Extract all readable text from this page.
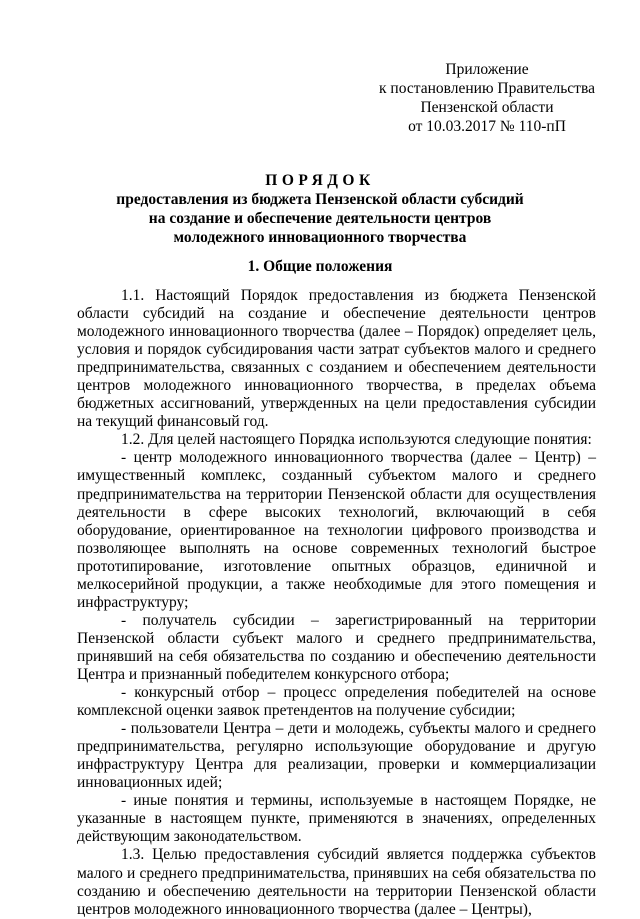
Приложение
к постановлению Правительства
Пензенской области
от 10.03.2017 № 110-пП
ПОРЯДОК
предоставления из бюджета Пензенской области субсидий
на создание и обеспечение деятельности центров
молодежного инновационного творчества
1. Общие положения

1.1. Настоящий Порядок предоставления из бюджета Пензенской области субсидий на создание и обеспечение деятельности центров молодежного инновационного творчества (далее – Порядок) определяет цель, условия и порядок субсидирования части затрат субъектов малого и среднего предпринимательства, связанных с созданием и обеспечением деятельности центров молодежного инновационного творчества, в пределах объема бюджетных ассигнований, утвержденных на цели предоставления субсидии на текущий финансовый год.

1.2. Для целей настоящего Порядка используются следующие понятия:

- центр молодежного инновационного творчества (далее – Центр) – имущественный комплекс, созданный субъектом малого и среднего предпринимательства на территории Пензенской области для осуществления деятельности в сфере высоких технологий, включающий в себя оборудование, ориентированное на технологии цифрового производства и позволяющее выполнять на основе современных технологий быстрое прототипирование, изготовление опытных образцов, единичной и мелкосерийной продукции, а также необходимые для этого помещения и инфраструктуру;

- получатель субсидии – зарегистрированный на территории Пензенской области субъект малого и среднего предпринимательства, принявший на себя обязательства по созданию и обеспечению деятельности Центра и признанный победителем конкурсного отбора;

- конкурсный отбор – процесс определения победителей на основе комплексной оценки заявок претендентов на получение субсидии;

- пользователи Центра – дети и молодежь, субъекты малого и среднего предпринимательства, регулярно использующие оборудование и другую инфраструктуру Центра для реализации, проверки и коммерциализации инновационных идей;

- иные понятия и термины, используемые в настоящем Порядке, не указанные в настоящем пункте, применяются в значениях, определенных действующим законодательством.

1.3. Целью предоставления субсидий является поддержка субъектов малого и среднего предпринимательства, принявших на себя обязательства по созданию и обеспечению деятельности на территории Пензенской области центров молодежного инновационного творчества (далее – Центры),
